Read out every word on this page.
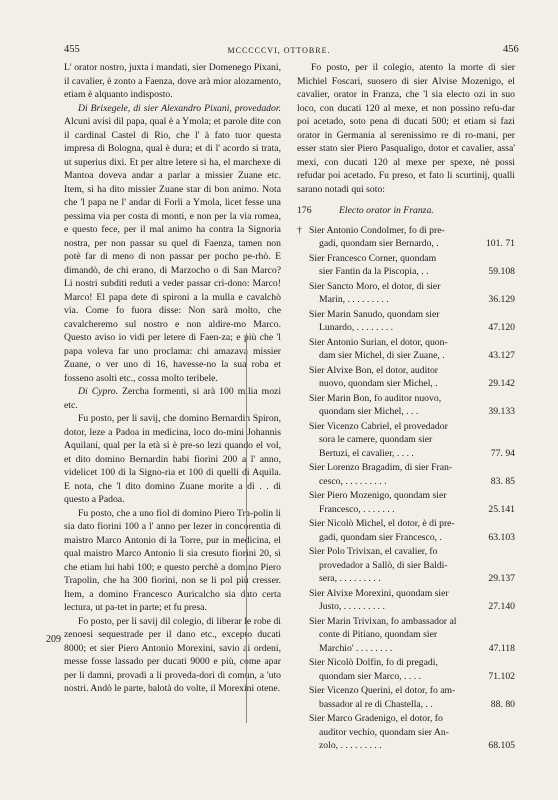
455	MCCCCCVI, OTTOBRE.	456

L' orator nostro, juxta i mandati, sier Domenego Pixani, il cavalier, è zonto a Faenza, dove arà mior alozamento, etiam è alquanto indisposto.

Di Brixegele, di sier Alexandro Pixani, provedador. Alcuni avisi dil papa, qual è a Ymola; et parole dite con il cardinal Castel di Rio, che l' à fato tuor questa impresa di Bologna, qual è dura; et di l' acordo si trata, ut superius dixi. Et per altre letere si ha, el marchexe di Mantoa doveva andar a parlar a missier Zuane etc. Item, si ha dito missier Zuane star di bon animo. Nota che 'l papa ne l' andar di Forlì a Ymola, licet fesse una pessima via per costa di monti, e non per la via romea, e questo fece, per il mal animo ha contra la Signoria nostra, per non passar su quel di Faenza, tamen non potè far di meno di non passar per pocho pe-rhò. E dimandò, de chi erano, di Marzocho o di San Marco? Li nostri subditi reduti a veder passar cri-dono: Marco! Marco! El papa dete di spironi a la mulla e cavalchò via. Come fo fuora disse: Non sarà molto, che cavalcheremo sul nostro e non aldire-mo Marco. Questo aviso io vidi per letere di Faen-za; e più che 'l papa voleva far uno proclama: chi amazava missier Zuane, o ver uno di 16, havesse-no la sua roba et fosseno asolti etc., cossa molto teribele.

Di Cypro. Zercha formenti, si arà 100 milia mozi etc.

Fu posto, per li savij, che domino Bernardin Spiron, dotor, leze a Padoa in medicina, loco do-mini Johannis Aquilani, qual per la età si è pre-so lezi quando el vol, et dito domino Bernardin habi fiorini 200 a l' anno, videlicet 100 di la Signo-ria et 100 di quelli di Aquila. E nota, che 'l dito domino Zuane morite a dì . . di questo a Padoa.

Fu posto, che a uno fiol di domino Piero Tra-polin li sia dato fiorini 100 a l' anno per lezer in concorentia di maistro Marco Antonio di la Torre, pur in medicina, el qual maistro Marco Antonio li sia cresuto fiorini 20, sì che etiam lui habi 100; e questo perchè a domino Piero Trapolin, che ha 300 fiorini, non se li pol più cresser. Item, a domino Francesco Auricalcho sia dato certa lectura, ut pa-tet in parte; et fu presa.

Fo posto, per li savij dil colegio, di liberar le robe di zenoesi sequestrade per il dano etc., excepto ducati 8000; et sier Piero Antonio Morexini, savio ai ordeni, messe fosse lassado per ducati 9000 e più, come apar per li damni, provadi a li proveda-dori di comun, a 'uto nostri. Andò le parte, balotà do volte, il Morexini otene.

209

Fo posto, per il colegio, atento la morte di sier Michiel Foscari, suosero di sier Alvise Mozenigo, el cavalier, orator in Franza, che 'l sia electo ozi in suo loco, con ducati 120 al mexe, et non possino refu-dar poi acetado, soto pena di ducati 500; et etiam si fazi orator in Germania al serenissimo re di ro-mani, per esser stato sier Piero Pasqualigo, dotor et cavalier, assa' mexi, con ducati 120 al mexe per spexe, nè possi refudar poi acetado. Fu preso, et fato li scurtinij, qualli sarano notadi qui soto:

176	Electo orator in Franza.
† Sier Antonio Condolmer, fo di pre-
gadi, quondam sier Bernardo, .	101. 71
Sier Francesco Corner, quondam
sier Fantin da la Piscopia, . .	59.108
Sier Sancto Moro, el dotor, di sier
Marin, . . . . . . . . .	36.129
Sier Marin Sanudo, quondam sier
Lunardo, . . . . . . . .	47.120
Sier Antonio Surian, el dotor, quon-
dam sier Michel, di sier Zuane, .	43.127
Sier Alvixe Bon, el dotor, auditor
nuovo, quondam sier Michel, .	29.142
Sier Marin Bon, fo auditor nuovo,
quondam sier Michel, . . .	39.133
Sier Vicenzo Cabriel, el provedador
sora le camere, quondam sier
Bertuzi, el cavalier, . . . .	77. 94
Sier Lorenzo Bragadim, di sier Fran-
cesco, . . . . . . . . .	83. 85
Sier Piero Mozenigo, quondam sier
Francesco, . . . . . . .	25.141
Sier Nicolò Michel, el dotor, è di pre-
gadi, quondam sier Francesco, .	63.103
Sier Polo Trivixan, el cavalier, fo
provedador a Sallò, di sier Baldi-
sera, . . . . . . . . .	29.137
Sier Alvixe Morexini, quondam sier
Justo, . . . . . . . . .	27.140
Sier Marin Trivixan, fo ambassador al
conte di Pitiano, quondam sier
Marchio' . . . . . . . .	47.118
Sier Nicolò Dolfin, fo di pregadi,
quondam sier Marco, . . . .	71.102
Sier Vicenzo Querini, el dotor, fo am-
bassador al re di Chastella, . .	88. 80
Sier Marco Gradenigo, el dotor, fo
auditor vechio, quondam sier An-
zolo, . . . . . . . . .	68.105
